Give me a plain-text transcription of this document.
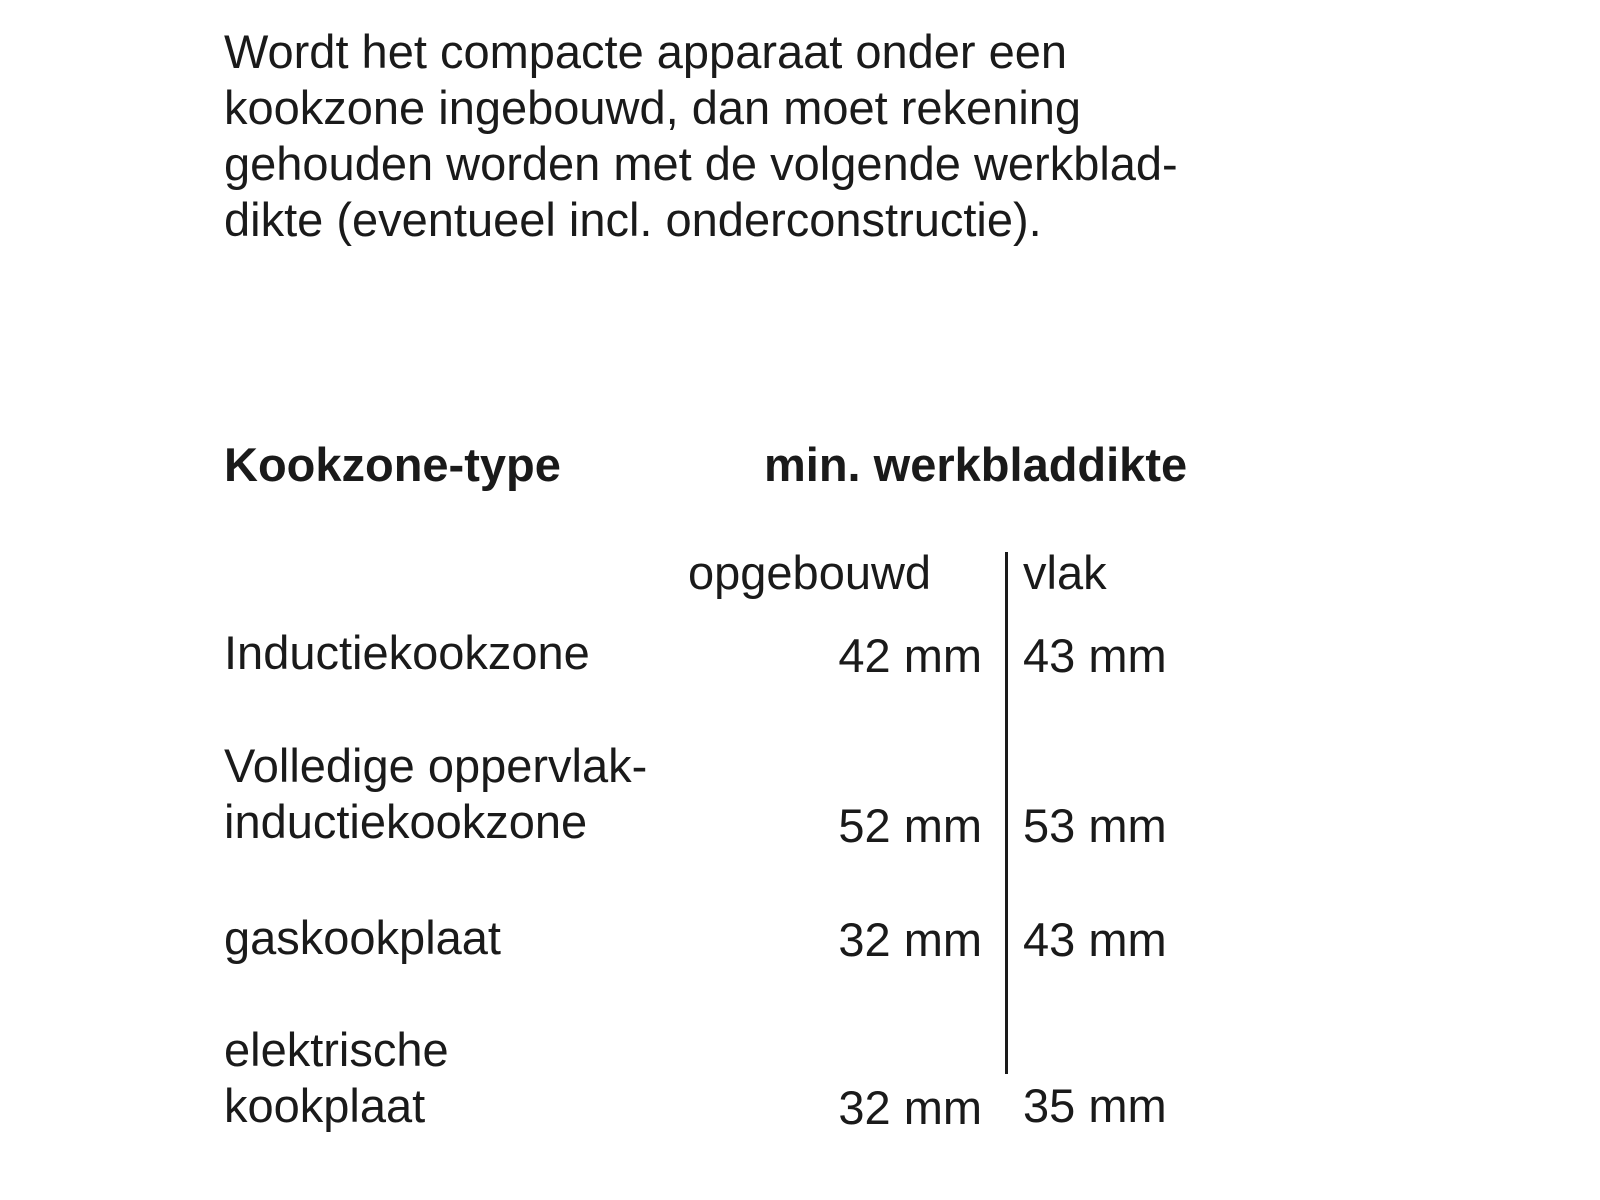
Wordt het compacte apparaat onder een
kookzone ingebouwd, dan moet rekening
gehouden worden met de volgende werkblad-
dikte (eventueel incl. onderconstructie).
Kookzone-type	min. werkbladdikte
opgebouwd vlak
Inductiekookzone	42 mm 43 mm
Volledige oppervlak-
inductiekookzone	52 mm 53 mm
gaskookplaat	32 mm 43 mm
elektrische
kookplaat	32 mm 35 mm
